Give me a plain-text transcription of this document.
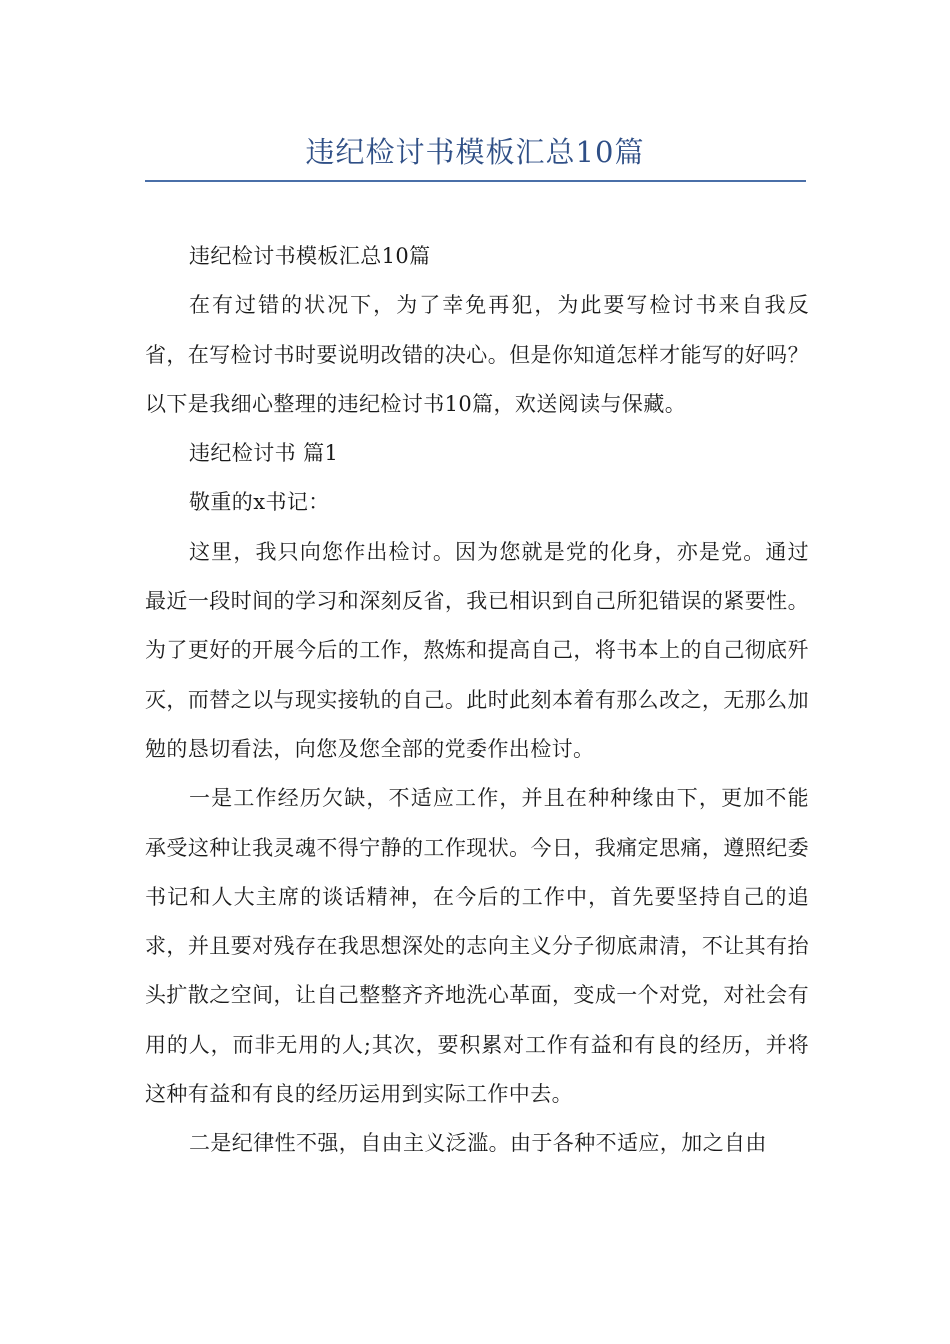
违纪检讨书模板汇总10篇

违纪检讨书模板汇总10篇

在有过错的状况下，为了幸免再犯，为此要写检讨书来自我反省，在写检讨书时要说明改错的决心。但是你知道怎样才能写的好吗？以下是我细心整理的违纪检讨书10篇，欢送阅读与保藏。

违纪检讨书 篇1

敬重的x书记：

这里，我只向您作出检讨。因为您就是党的化身，亦是党。通过最近一段时间的学习和深刻反省，我已相识到自己所犯错误的紧要性。为了更好的开展今后的工作，熬炼和提高自己，将书本上的自己彻底歼灭，而替之以与现实接轨的自己。此时此刻本着有那么改之，无那么加勉的恳切看法，向您及您全部的党委作出检讨。

一是工作经历欠缺，不适应工作，并且在种种缘由下，更加不能承受这种让我灵魂不得宁静的工作现状。今日，我痛定思痛，遵照纪委书记和人大主席的谈话精神，在今后的工作中，首先要坚持自己的追求，并且要对残存在我思想深处的志向主义分子彻底肃清，不让其有抬头扩散之空间，让自己整整齐齐地洗心革面，变成一个对党，对社会有用的人，而非无用的人;其次，要积累对工作有益和有良的经历，并将这种有益和有良的经历运用到实际工作中去。

二是纪律性不强，自由主义泛滥。由于各种不适应，加之自由
